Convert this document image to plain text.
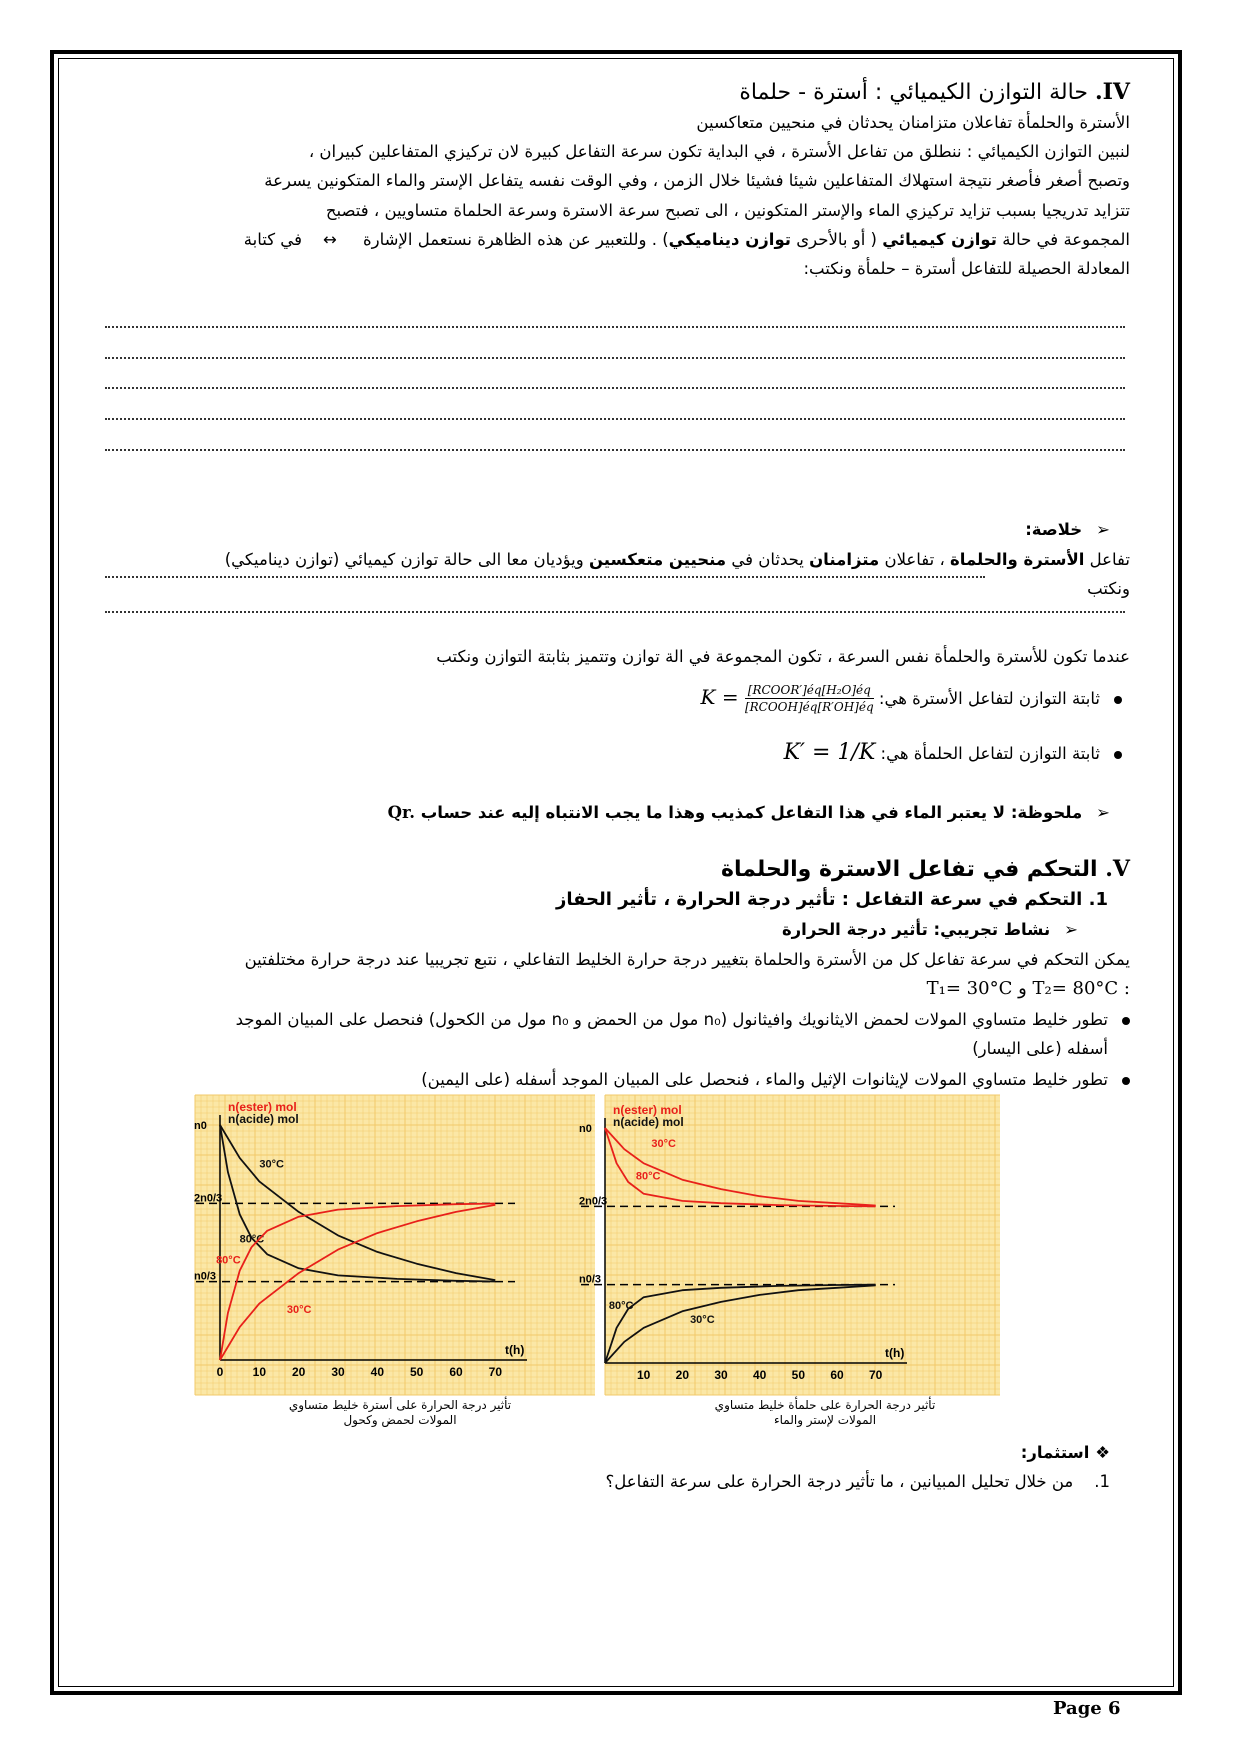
IV. حالة التوازن الكيميائي : أسترة - حلماة
الأسترة والحلمأة تفاعلان متزامنان يحدثان في منحيين متعاكسين
لنبين التوازن الكيميائي : ننطلق من تفاعل الأسترة ، في البداية تكون سرعة التفاعل كبيرة لان تركيزي المتفاعلين كبيران ،
وتصبح أصغر فأصغر نتيجة استهلاك المتفاعلين شيئا فشيئا خلال الزمن ، وفي الوقت نفسه يتفاعل الإستر والماء المتكونين يسرعة
تتزايد تدريجيا بسبب تزايد تركيزي الماء والإستر المتكونين ، الى تصبح سرعة الاسترة وسرعة الحلماة متساويين ، فتصبح
المجموعة في حالة توازن كيميائي ( أو بالأحرى توازن ديناميكي) . وللتعبير عن هذه الظاهرة نستعمل الإشارة     ↔    في كتابة
المعادلة الحصيلة للتفاعل أسترة – حلمأة ونكتب:
➢خلاصة:
تفاعل الأسترة والحلماة ، تفاعلان متزامنان يحدثان في منحيين متعكسين ويؤديان معا الى حالة توازن كيميائي (توازن ديناميكي)
ونكتب
عندما تكون للأسترة والحلمأة نفس السرعة ، تكون المجموعة في الة توازن وتتميز بثابتة التوازن ونكتب
ثابتة التوازن لتفاعل الأسترة هي: $K = \frac{\text{[RCOOR′]éq[H₂O]éq}}{\text{[RCOOH]éq[R′OH]éq}}$
ثابتة التوازن لتفاعل الحلمأة هي: K′ = 1/K
➢ملحوظة: لا يعتبر الماء في هذا التفاعل كمذيب وهذا ما يجب الانتباه إليه عند حساب Qr.
V. التحكم في تفاعل الاسترة والحلماة
1. التحكم في سرعة التفاعل : تأثير درجة الحرارة ، تأثير الحفاز
➢نشاط تجريبي: تأثير درجة الحرارة
يمكن التحكم في سرعة تفاعل كل من الأسترة والحلماة بتغيير درجة حرارة الخليط التفاعلي ، نتبع تجريبيا عند درجة حرارة مختلفتين
: T₂= 80°C و T₁= 30°C
تطور خليط متساوي المولات لحمض الايثانويك وافيثانول (n₀ مول من الحمض و n₀ مول من الكحول) فنحصل على المبيان الموجد
أسفله (على اليسار)
تطور خليط متساوي المولات لإيثانوات الإثيل والماء ، فنحصل على المبيان الموجد أسفله (على اليمين)
0 10 20 30 40 50 60 70
t(h)
n0
2n0/3
n0/3
n(ester) mol
n(acide) mol
80°C
30°C
80°C
30°C
10 20 30 40 50 60 70
t(h)
n0
2n0/3
n0/3
n(ester) mol
n(acide) mol
30°C
80°C
80°C
30°C
تأثير درجة الحرارة على أسترة خليط متساوي
المولات لحمض وكحول
تأثير درجة الحرارة على حلمأة خليط متساوي
المولات لإستر والماء
❖ استثمار:
1.    من خلال تحليل المبيانين ، ما تأثير درجة الحرارة على سرعة التفاعل؟
Page 6
